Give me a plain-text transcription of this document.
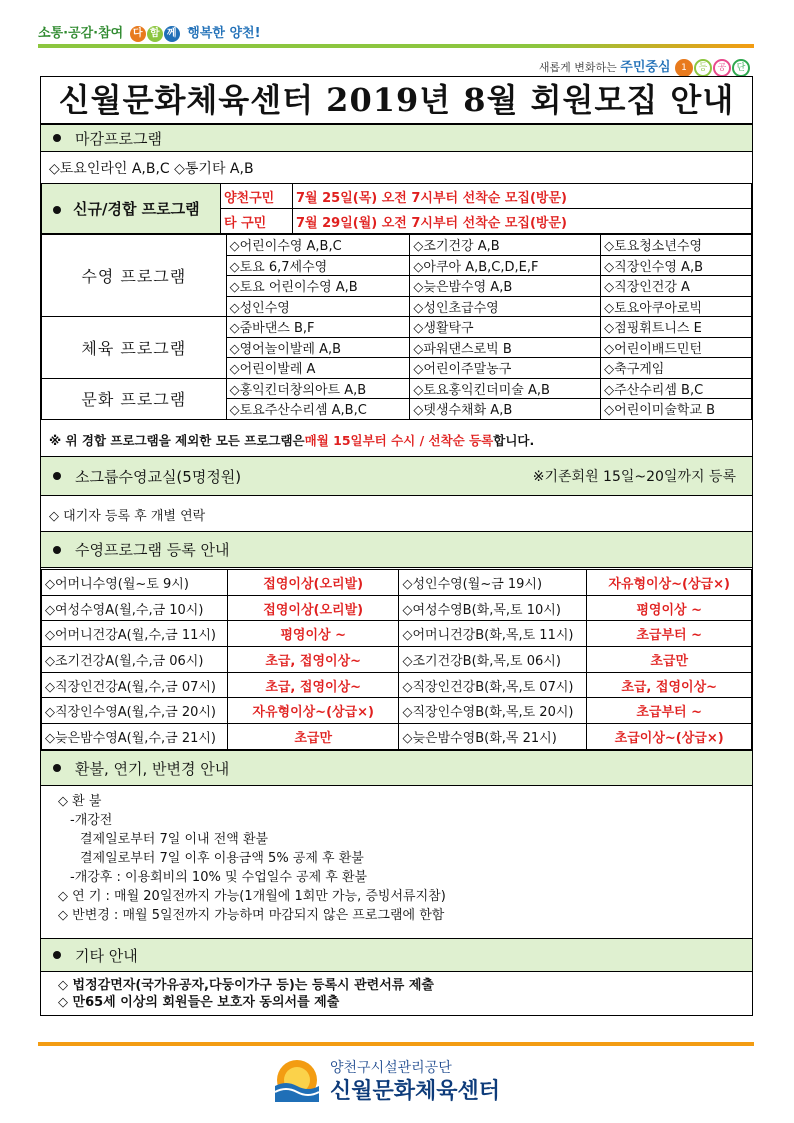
소통·공감·참여 다 함 께 행복한 양천!
새롭게 변화하는 주민중심 1 등 공 단
신월문화체육센터 2019년 8월 회원모집 안내
마감프로그램
◇토요인라인 A,B,C ◇통기타 A,B
신규/경합 프로그램	양천구민	7월 25일(목) 오전 7시부터 선착순 모집(방문)
	타 구민	7월 29일(월) 오전 7시부터 선착순 모집(방문)
수영 프로그램	◇어린이수영 A,B,C	◇조기건강 A,B	◇토요청소년수영
	◇토요 6,7세수영	◇아쿠아 A,B,C,D,E,F	◇직장인수영 A,B
	◇토요 어린이수영 A,B	◇늦은밤수영 A,B	◇직장인건강 A
	◇성인수영	◇성인초급수영	◇토요아쿠아로빅
체육 프로그램	◇줌바댄스 B,F	◇생활탁구	◇점핑휘트니스 E
	◇영어놀이발레 A,B	◇파워댄스로빅 B	◇어린이배드민턴
	◇어린이발레 A	◇어린이주말농구	◇축구게임
문화 프로그램	◇홍익킨더창의아트 A,B	◇토요홍익킨더미술 A,B	◇주산수리셈 B,C
	◇토요주산수리셈 A,B,C	◇뎃생수채화 A,B	◇어린이미술학교 B
※ 위 경합 프로그램을 제외한 모든 프로그램은 매월 15일부터 수시 / 선착순 등록 합니다.
소그룹수영교실(5명정원)	※기존회원 15일~20일까지 등록
◇ 대기자 등록 후 개별 연락
수영프로그램 등록 안내
◇어머니수영(월~토 9시)	접영이상(오리발)	◇성인수영(월~금 19시)	자유형이상~(상급×)
◇여성수영A(월,수,금 10시)	접영이상(오리발)	◇여성수영B(화,목,토 10시)	평영이상 ~
◇어머니건강A(월,수,금 11시)	평영이상 ~	◇어머니건강B(화,목,토 11시)	초급부터 ~
◇조기건강A(월,수,금 06시)	초급, 접영이상~	◇조기건강B(화,목,토 06시)	초급만
◇직장인건강A(월,수,금 07시)	초급, 접영이상~	◇직장인건강B(화,목,토 07시)	초급, 접영이상~
◇직장인수영A(월,수,금 20시)	자유형이상~(상급×)	◇직장인수영B(화,목,토 20시)	초급부터 ~
◇늦은밤수영A(월,수,금 21시)	초급만	◇늦은밤수영B(화,목 21시)	초급이상~(상급×)
환불, 연기, 반변경 안내
◇ 환 불
-개강전
결제일로부터 7일 이내 전액 환불
결제일로부터 7일 이후 이용금액 5% 공제 후 환불
-개강후 : 이용회비의 10% 및 수업일수 공제 후 환불
◇ 연 기 : 매월 20일전까지 가능(1개월에 1회만 가능, 증빙서류지참)
◇ 반변경 : 매월 5일전까지 가능하며 마감되지 않은 프로그램에 한함
기타 안내
◇ 법정감면자(국가유공자,다둥이가구 등)는 등록시 관련서류 제출
◇ 만65세 이상의 회원들은 보호자 동의서를 제출
양천구시설관리공단
신월문화체육센터
